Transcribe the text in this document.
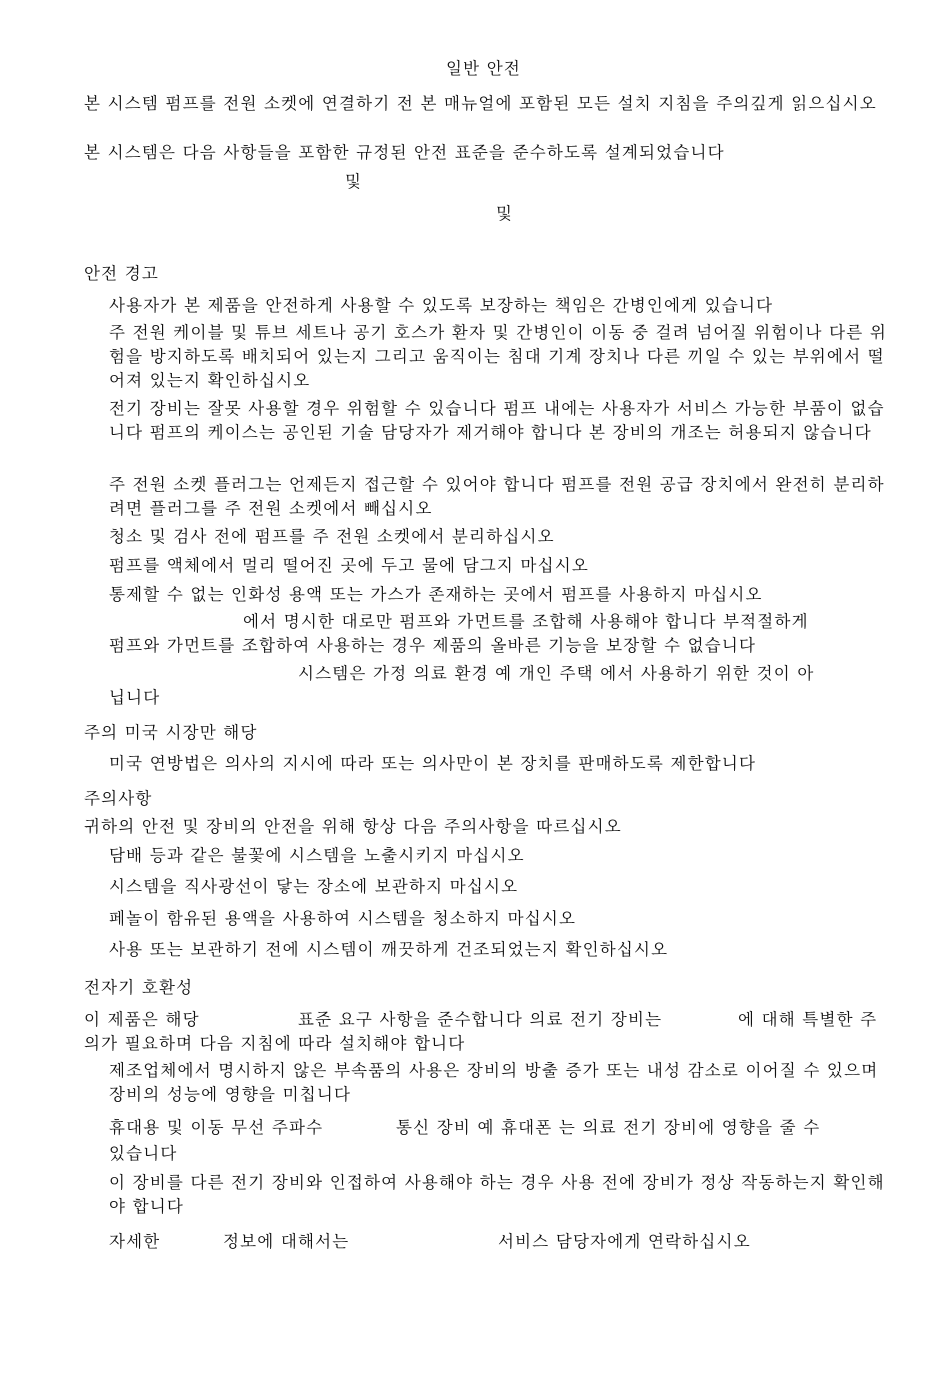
일반 안전

본 시스템 펌프를 전원 소켓에 연결하기 전 본 매뉴얼에 포함된 모든 설치 지침을 주의깊게 읽으십시오

본 시스템은 다음 사항들을 포함한 규정된 안전 표준을 준수하도록 설계되었습니다

및
및
안전 경고

사용자가 본 제품을 안전하게 사용할 수 있도록 보장하는 책임은 간병인에게 있습니다

주 전원 케이블 및 튜브 세트나 공기 호스가 환자 및 간병인이 이동 중 걸려 넘어질 위험이나 다른 위험을 방지하도록 배치되어 있는지 그리고 움직이는 침대 기계 장치나 다른 끼일 수 있는 부위에서 떨어져 있는지 확인하십시오

전기 장비는 잘못 사용할 경우 위험할 수 있습니다 펌프 내에는 사용자가 서비스 가능한 부품이 없습니다 펌프의 케이스는 공인된 기술 담당자가 제거해야 합니다 본 장비의 개조는 허용되지 않습니다

주 전원 소켓 플러그는 언제든지 접근할 수 있어야 합니다 펌프를 전원 공급 장치에서 완전히 분리하려면 플러그를 주 전원 소켓에서 빼십시오

청소 및 검사 전에 펌프를 주 전원 소켓에서 분리하십시오

펌프를 액체에서 멀리 떨어진 곳에 두고 물에 담그지 마십시오

통제할 수 없는 인화성 용액 또는 가스가 존재하는 곳에서 펌프를 사용하지 마십시오

에서 명시한 대로만 펌프와 가먼트를 조합해 사용해야 합니다 부적절하게

펌프와 가먼트를 조합하여 사용하는 경우 제품의 올바른 기능을 보장할 수 없습니다

시스템은 가정 의료 환경 예 개인 주택 에서 사용하기 위한 것이 아

닙니다

주의 미국 시장만 해당

미국 연방법은 의사의 지시에 따라 또는 의사만이 본 장치를 판매하도록 제한합니다

주의사항

귀하의 안전 및 장비의 안전을 위해 항상 다음 주의사항을 따르십시오

담배 등과 같은 불꽃에 시스템을 노출시키지 마십시오

시스템을 직사광선이 닿는 장소에 보관하지 마십시오

페놀이 함유된 용액을 사용하여 시스템을 청소하지 마십시오

사용 또는 보관하기 전에 시스템이 깨끗하게 건조되었는지 확인하십시오

전자기 호환성

이 제품은 해당	표준 요구 사항을 준수합니다 의료 전기 장비는	에 대해 특별한 주

의가 필요하며 다음 지침에 따라 설치해야 합니다

제조업체에서 명시하지 않은 부속품의 사용은 장비의 방출 증가 또는 내성 감소로 이어질 수 있으며 장비의 성능에 영향을 미칩니다

휴대용 및 이동 무선 주파수	통신 장비 예 휴대폰 는 의료 전기 장비에 영향을 줄 수

있습니다

이 장비를 다른 전기 장비와 인접하여 사용해야 하는 경우 사용 전에 장비가 정상 작동하는지 확인해야 합니다

자세한	정보에 대해서는	서비스 담당자에게 연락하십시오
